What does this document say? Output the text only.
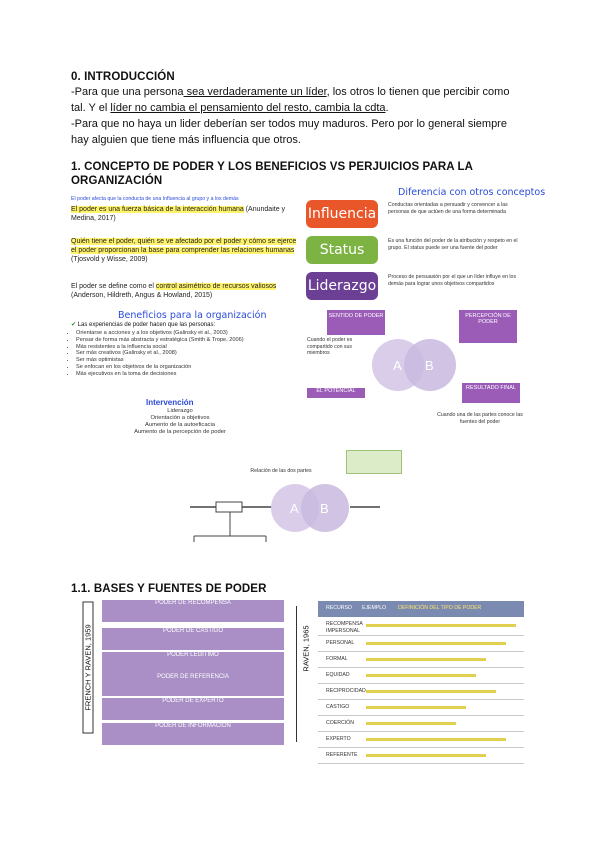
0. INTRODUCCIÓN
-Para que una persona sea verdaderamente un líder, los otros lo tienen que percibir como
tal. Y el líder no cambia el pensamiento del resto, cambia la cdta.
-Para que no haya un lider deberían ser todos muy maduros. Pero por lo general siempre
hay alguien que tiene más influencia que otros.
1. CONCEPTO DE PODER Y LOS BENEFICIOS VS PERJUICIOS PARA LA
ORGANIZACIÓN
El poder afecta que la conducta de una Influencia al grupo y a los demás
El poder es una fuerza básica de la interacción humana (Anundaite y Medina, 2017)
Quién tiene el poder, quién se ve afectado por el poder y cómo se ejerce el poder proporcionan la base para comprender las relaciones humanas (Tjosvold y Wisse, 2009)
El poder se define como el control asimétrico de recursos valiosos (Anderson, Hildreth, Angus & Howland, 2015)
Diferencia con otros conceptos
Influencia
Conductas orientadas a persuadir y convencer a las personas de que actúen de una forma determinada
Status
Es una función del poder de la atribución y respeto en el grupo. El status puede ser una fuente del poder
Liderazgo
Proceso de persuasión por el que un líder influye en los demás para lograr unos objetivos compartidos
Beneficios para la organización
✔ Las experiencias de poder hacen que las personas:
• Orientarse a acciones y a los objetivos (Galinsky et al., 2003)
• Pensar de forma más abstracta y estratégica (Smith & Trope, 2006)
• Más resistentes a la influencia social
• Ser más creativos (Galinsky et al., 2008)
• Ser más optimistas
• Se enfocan en los objetivos de la organización
• Más ejecutivos en la toma de decisiones
Intervención
Liderazgo
Orientación a objetivos
Aumento de la autoeficacia
Aumento de la percepción de poder
SENTIDO DE PODER
Cuando el poder es compartido con sus miembros
EL POTENCIAL
A B
PERCEPCIÓN DE PODER
RESULTADO FINAL
Cuando una de las partes conoce las fuentes del poder
Relación de las dos partes
A B
1.1. BASES Y FUENTES DE PODER
FRENCH Y RAVEN, 1959
PODER DE RECOMPENSA
PODER DE CASTIGO
PODER LEGÍTIMO
PODER DE REFERENCIA
PODER DE EXPERTO
PODER DE INFORMACIÓN
RAVEN, 1965
RECURSO EJEMPLO DEFINICIÓN DEL TIPO DE PODER
RECOMPENSA IMPERSONAL
PERSONAL
FORMAL
EQUIDAD
RECIPROCIDAD
CASTIGO
COERCIÓN
EXPERTO
REFERENTE
